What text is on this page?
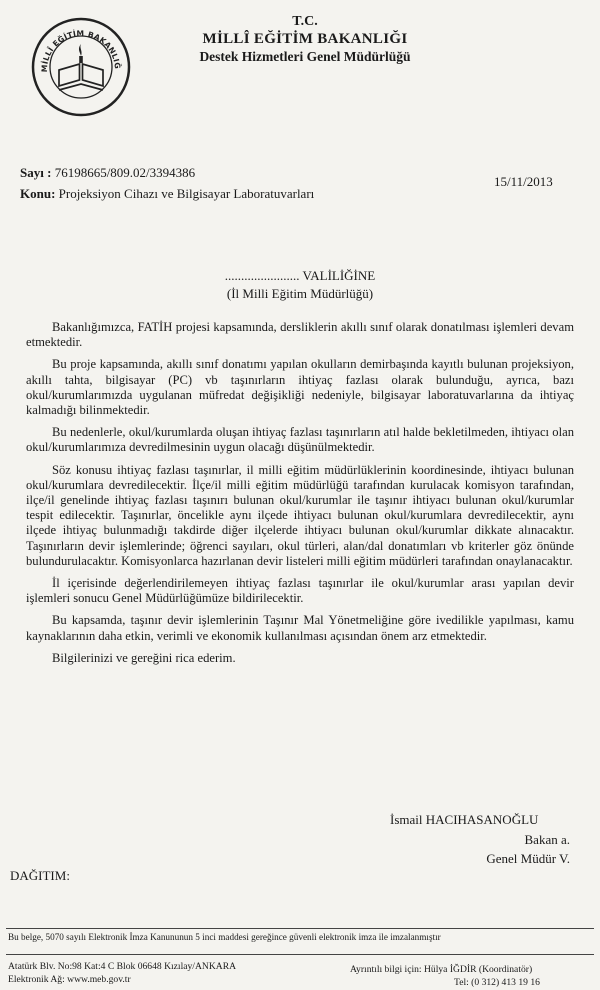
MİLLÎ EĞİTİM BAKANLIĞ
T.C.
MİLLÎ EĞİTİM BAKANLIĞI
Destek Hizmetleri Genel Müdürlüğü
Sayı : 76198665/809.02/3394386
Konu: Projeksiyon Cihazı ve Bilgisayar Laboratuvarları
15/11/2013
....................... VALİLİĞİNE
(İl Milli Eğitim Müdürlüğü)

Bakanlığımızca, FATİH projesi kapsamında, dersliklerin akıllı sınıf olarak donatılması işlemleri devam etmektedir.

Bu proje kapsamında, akıllı sınıf donatımı yapılan okulların demirbaşında kayıtlı bulunan projeksiyon, akıllı tahta, bilgisayar (PC) vb taşınırların ihtiyaç fazlası olarak bulunduğu, ayrıca, bazı okul/kurumlarımızda uygulanan müfredat değişikliği nedeniyle, bilgisayar laboratuvarlarına da ihtiyaç kalmadığı bilinmektedir.

Bu nedenlerle, okul/kurumlarda oluşan ihtiyaç fazlası taşınırların atıl halde bekletilmeden, ihtiyacı olan okul/kurumlarımıza devredilmesinin uygun olacağı düşünülmektedir.

Söz konusu ihtiyaç fazlası taşınırlar, il milli eğitim müdürlüklerinin koordinesinde, ihtiyacı bulunan okul/kurumlara devredilecektir. İlçe/il milli eğitim müdürlüğü tarafından kurulacak komisyon tarafından, ilçe/il genelinde ihtiyaç fazlası taşınırı bulunan okul/kurumlar ile taşınır ihtiyacı bulunan okul/kurumlar tespit edilecektir. Taşınırlar, öncelikle aynı ilçede ihtiyacı bulunan okul/kurumlara devredilecektir, aynı ilçede ihtiyaç bulunmadığı takdirde diğer ilçelerde ihtiyacı bulunan okul/kurumlar dikkate alınacaktır. Taşınırların devir işlemlerinde; öğrenci sayıları, okul türleri, alan/dal donatımları vb kriterler göz önünde bulundurulacaktır. Komisyonlarca hazırlanan devir listeleri milli eğitim müdürleri tarafından onaylanacaktır.

İl içerisinde değerlendirilemeyen ihtiyaç fazlası taşınırlar ile okul/kurumlar arası yapılan devir işlemleri sonucu Genel Müdürlüğümüze bildirilecektir.

Bu kapsamda, taşınır devir işlemlerinin Taşınır Mal Yönetmeliğine göre ivedilikle yapılması, kamu kaynaklarının daha etkin, verimli ve ekonomik kullanılması açısından önem arz etmektedir.

Bilgilerinizi ve gereğini rica ederim.

İsmail HACIHASANOĞLU
Bakan a.
Genel Müdür V.
DAĞITIM:
Bu belge, 5070 sayılı Elektronik İmza Kanununun 5 inci maddesi gereğince güvenli elektronik imza ile imzalanmıştır
Atatürk Blv. No:98 Kat:4 C Blok 06648 Kızılay/ANKARA
Elektronik Ağ: www.meb.gov.tr
Ayrıntılı bilgi için: Hülya İĞDİR (Koordinatör)
Tel: (0 312) 413 19 16
